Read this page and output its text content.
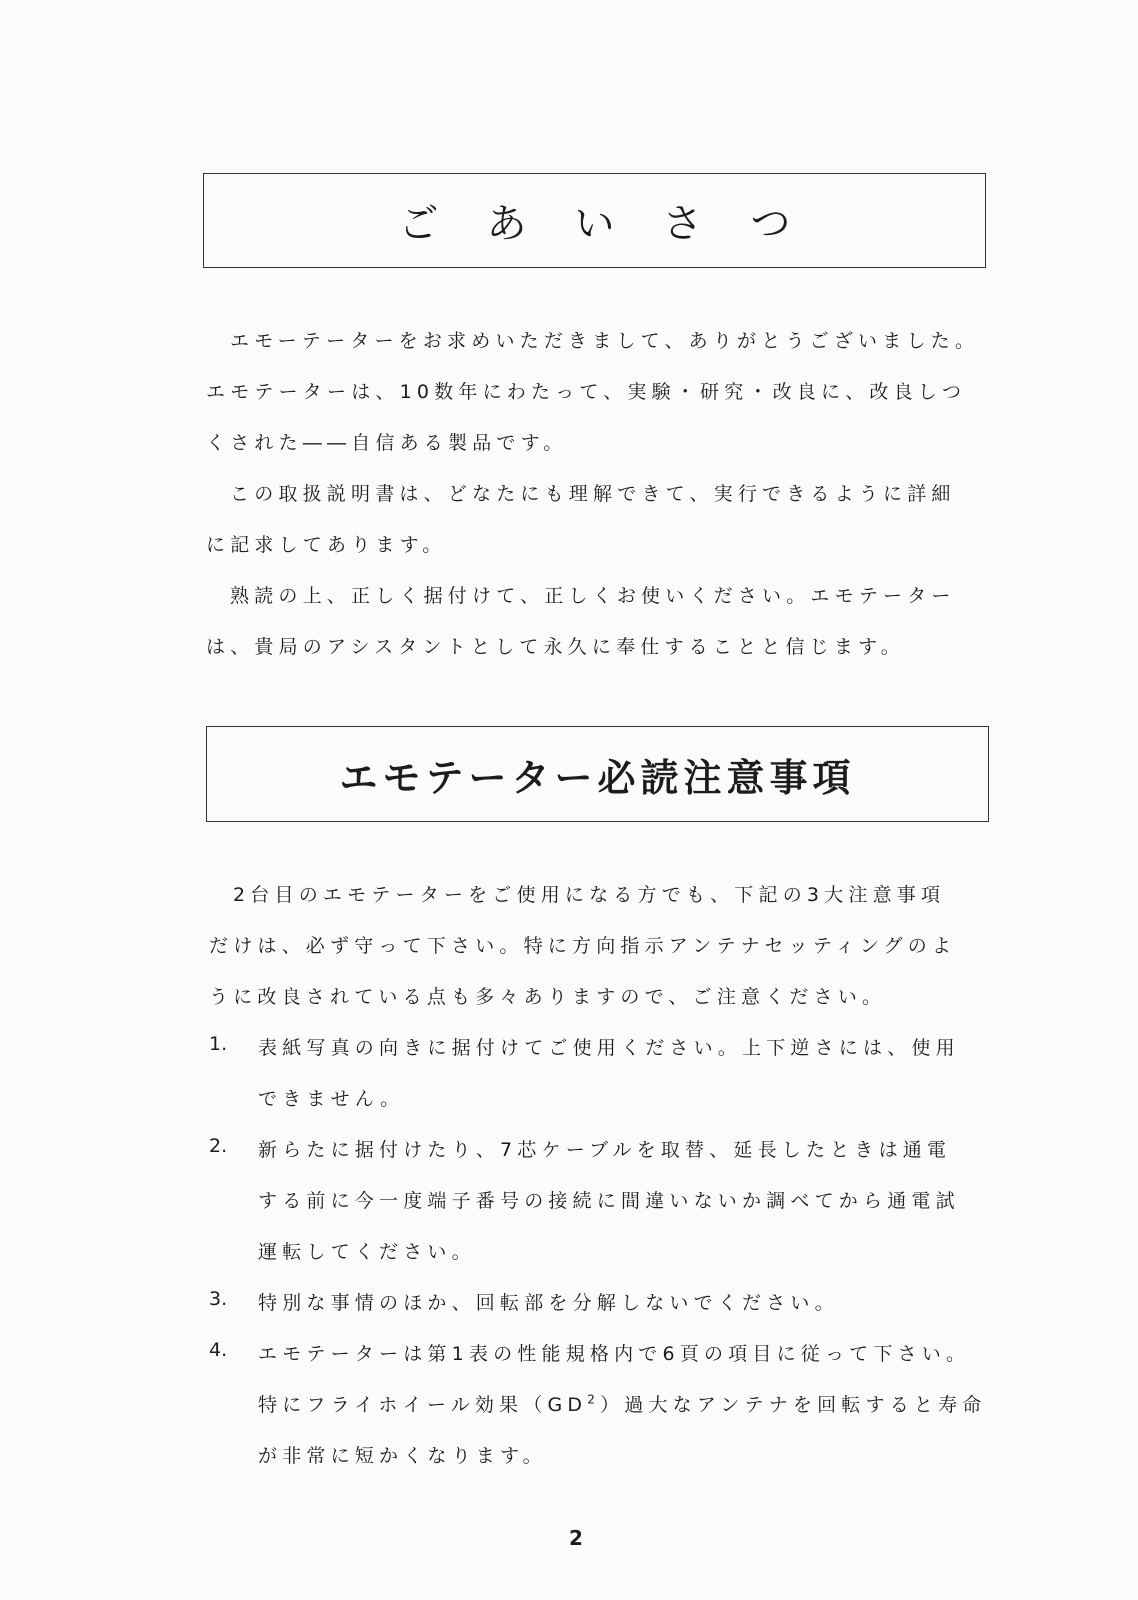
ごあいさつ
エモーテーターをお求めいただきまして、ありがとうございました。
エモテーターは、10数年にわたって、実験・研究・改良に、改良しつ
くされた――自信ある製品です。
この取扱説明書は、どなたにも理解できて、実行できるように詳細
に記求してあります。
熟読の上、正しく据付けて、正しくお使いください。エモテーター
は、貴局のアシスタントとして永久に奉仕することと信じます。
エモテーター必読注意事項
2台目のエモテーターをご使用になる方でも、下記の3大注意事項
だけは、必ず守って下さい。特に方向指示アンテナセッティングのよ
うに改良されている点も多々ありますので、ご注意ください。
1. 表紙写真の向きに据付けてご使用ください。上下逆さには、使用
できません。
2. 新らたに据付けたり、7芯ケーブルを取替、延長したときは通電
する前に今一度端子番号の接続に間違いないか調べてから通電試
運転してください。
3. 特別な事情のほか、回転部を分解しないでください。
4. エモテーターは第1表の性能規格内で6頁の項目に従って下さい。
特にフライホイール効果$(GD^2)$過大なアンテナを回転すると寿命
が非常に短かくなります。
2
